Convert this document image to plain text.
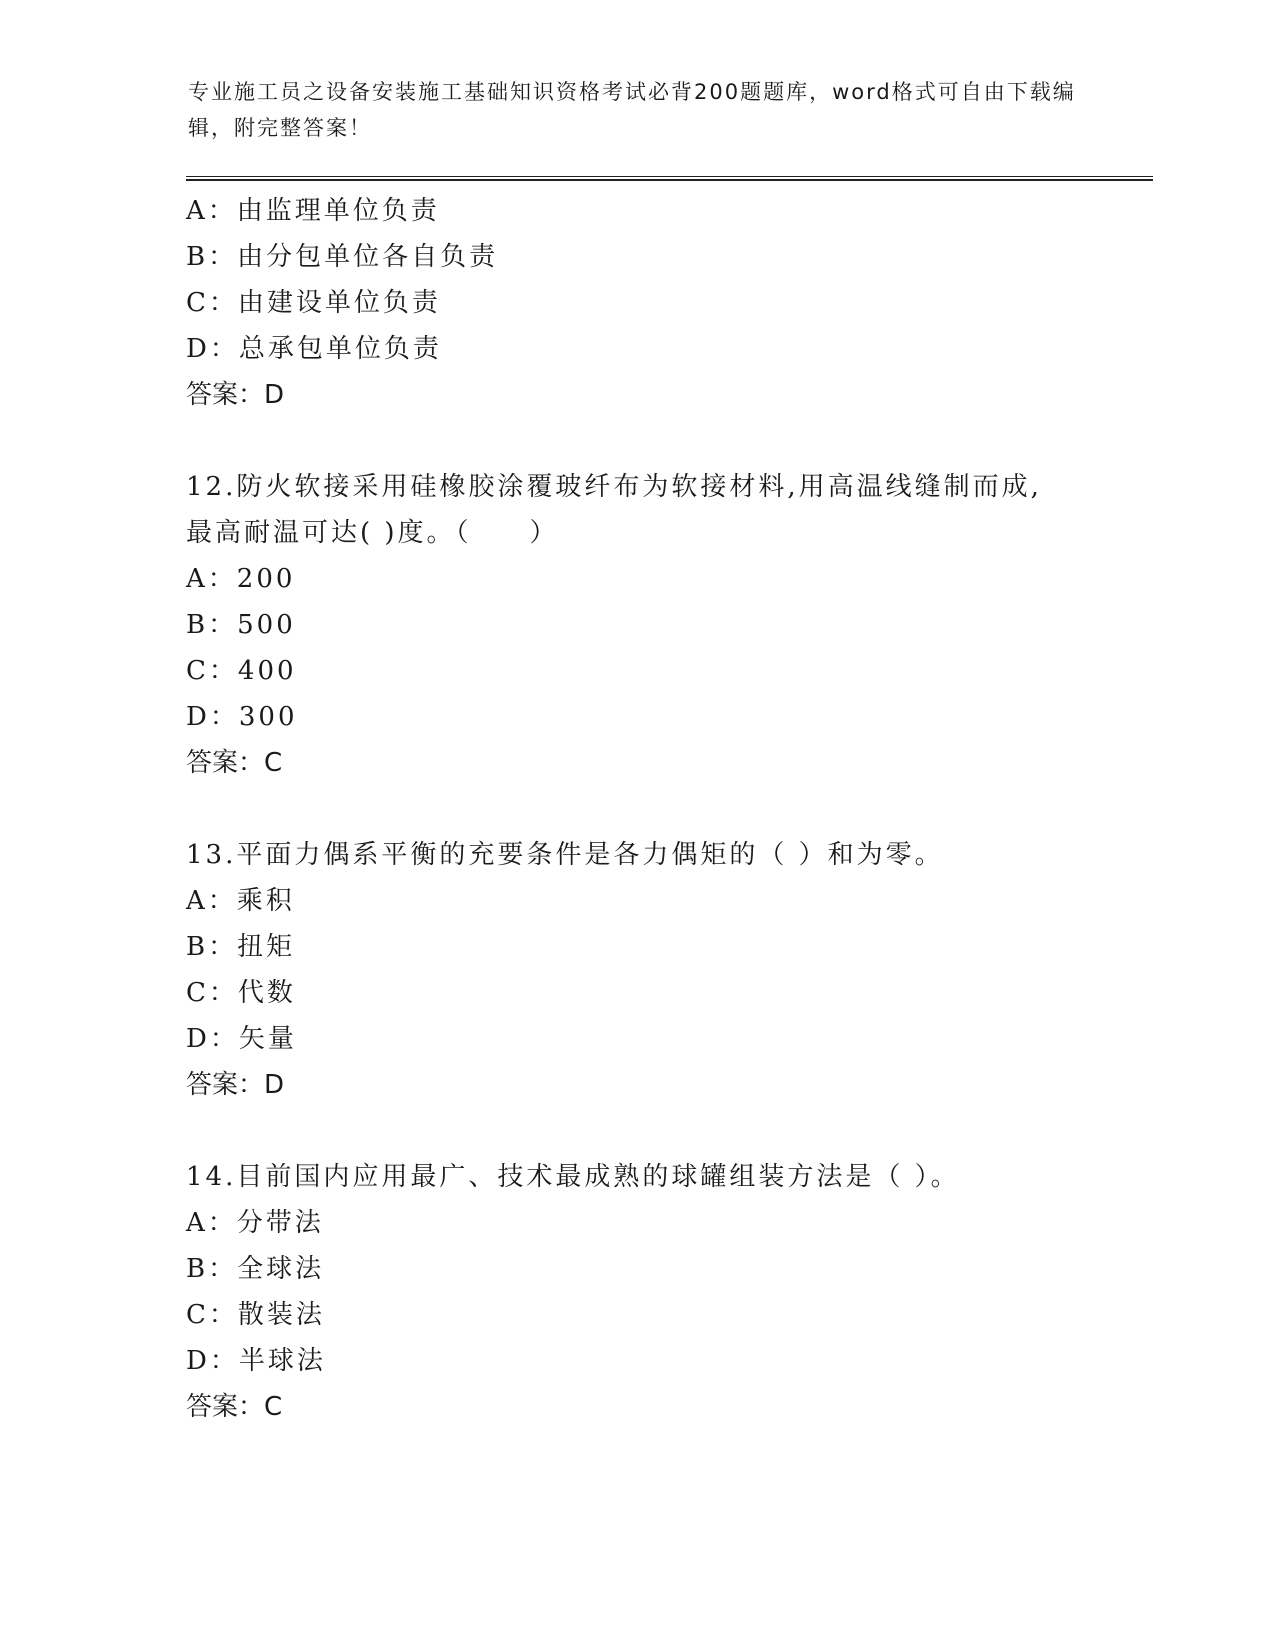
专业施工员之设备安装施工基础知识资格考试必背200题题库，word格式可自由下载编辑，附完整答案！
A：由监理单位负责
B：由分包单位各自负责
C：由建设单位负责
D：总承包单位负责
答案：D
12.防火软接采用硅橡胶涂覆玻纤布为软接材料,用高温线缝制而成,最高耐温可达( )度。（　　）
A：200
B：500
C：400
D：300
答案：C
13.平面力偶系平衡的充要条件是各力偶矩的（ ）和为零。
A：乘积
B：扭矩
C：代数
D：矢量
答案：D
14.目前国内应用最广、技术最成熟的球罐组装方法是（ ）。
A：分带法
B：全球法
C：散装法
D：半球法
答案：C
